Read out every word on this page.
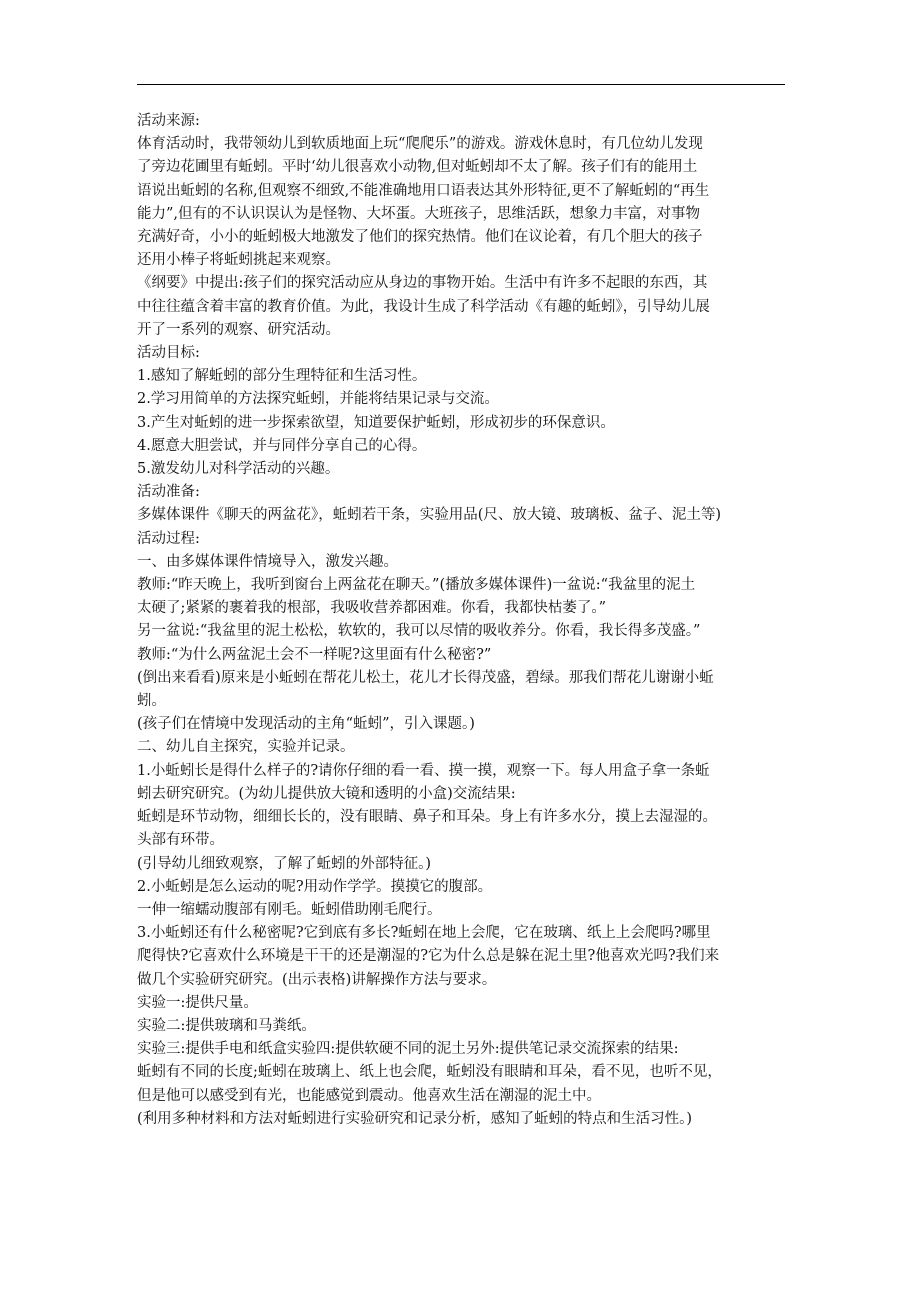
活动来源:

体育活动时，我带领幼儿到软质地面上玩“爬爬乐”的游戏。游戏休息时，有几位幼儿发现

了旁边花圃里有蚯蚓。平时‘幼儿很喜欢小动物,但对蚯蚓却不太了解。孩子们有的能用土

语说出蚯蚓的名称,但观察不细致,不能准确地用口语表达其外形特征,更不了解蚯蚓的“再生

能力”,但有的不认识误认为是怪物、大坏蛋。大班孩子，思维活跃，想象力丰富，对事物

充满好奇，小小的蚯蚓极大地激发了他们的探究热情。他们在议论着，有几个胆大的孩子

还用小棒子将蚯蚓挑起来观察。

《纲要》中提出:孩子们的探究活动应从身边的事物开始。生活中有许多不起眼的东西，其

中往往蕴含着丰富的教育价值。为此，我设计生成了科学活动《有趣的蚯蚓》，引导幼儿展

开了一系列的观察、研究活动。

活动目标:

1.感知了解蚯蚓的部分生理特征和生活习性。

2.学习用简单的方法探究蚯蚓，并能将结果记录与交流。

3.产生对蚯蚓的进一步探索欲望，知道要保护蚯蚓，形成初步的环保意识。

4.愿意大胆尝试，并与同伴分享自己的心得。

5.激发幼儿对科学活动的兴趣。

活动准备:

多媒体课件《聊天的两盆花》，蚯蚓若干条，实验用品(尺、放大镜、玻璃板、盆子、泥土等)

活动过程:

一、由多媒体课件情境导入，激发兴趣。

教师:“昨天晚上，我听到窗台上两盆花在聊天。”(播放多媒体课件)一盆说:“我盆里的泥土

太硬了;紧紧的裹着我的根部，我吸收营养都困难。你看，我都快枯萎了。”

另一盆说:“我盆里的泥土松松，软软的，我可以尽情的吸收养分。你看，我长得多茂盛。”

教师:“为什么两盆泥土会不一样呢?这里面有什么秘密?”

(倒出来看看)原来是小蚯蚓在帮花儿松土，花儿才长得茂盛，碧绿。那我们帮花儿谢谢小蚯

蚓。

(孩子们在情境中发现活动的主角“蚯蚓”，引入课题。)

二、幼儿自主探究，实验并记录。

1.小蚯蚓长是得什么样子的?请你仔细的看一看、摸一摸，观察一下。每人用盒子拿一条蚯

蚓去研究研究。(为幼儿提供放大镜和透明的小盒)交流结果:

蚯蚓是环节动物，细细长长的，没有眼睛、鼻子和耳朵。身上有许多水分，摸上去湿湿的。

头部有环带。

(引导幼儿细致观察，了解了蚯蚓的外部特征。)

2.小蚯蚓是怎么运动的呢?用动作学学。摸摸它的腹部。

一伸一缩蠕动腹部有刚毛。蚯蚓借助刚毛爬行。

3.小蚯蚓还有什么秘密呢?它到底有多长?蚯蚓在地上会爬，它在玻璃、纸上上会爬吗?哪里

爬得快?它喜欢什么环境是干干的还是潮湿的?它为什么总是躲在泥土里?他喜欢光吗?我们来

做几个实验研究研究。(出示表格)讲解操作方法与要求。

实验一:提供尺量。

实验二:提供玻璃和马粪纸。

实验三:提供手电和纸盒实验四:提供软硬不同的泥土另外:提供笔记录交流探索的结果:

蚯蚓有不同的长度;蚯蚓在玻璃上、纸上也会爬，蚯蚓没有眼睛和耳朵，看不见，也听不见，

但是他可以感受到有光，也能感觉到震动。他喜欢生活在潮湿的泥土中。

(利用多种材料和方法对蚯蚓进行实验研究和记录分析，感知了蚯蚓的特点和生活习性。)
